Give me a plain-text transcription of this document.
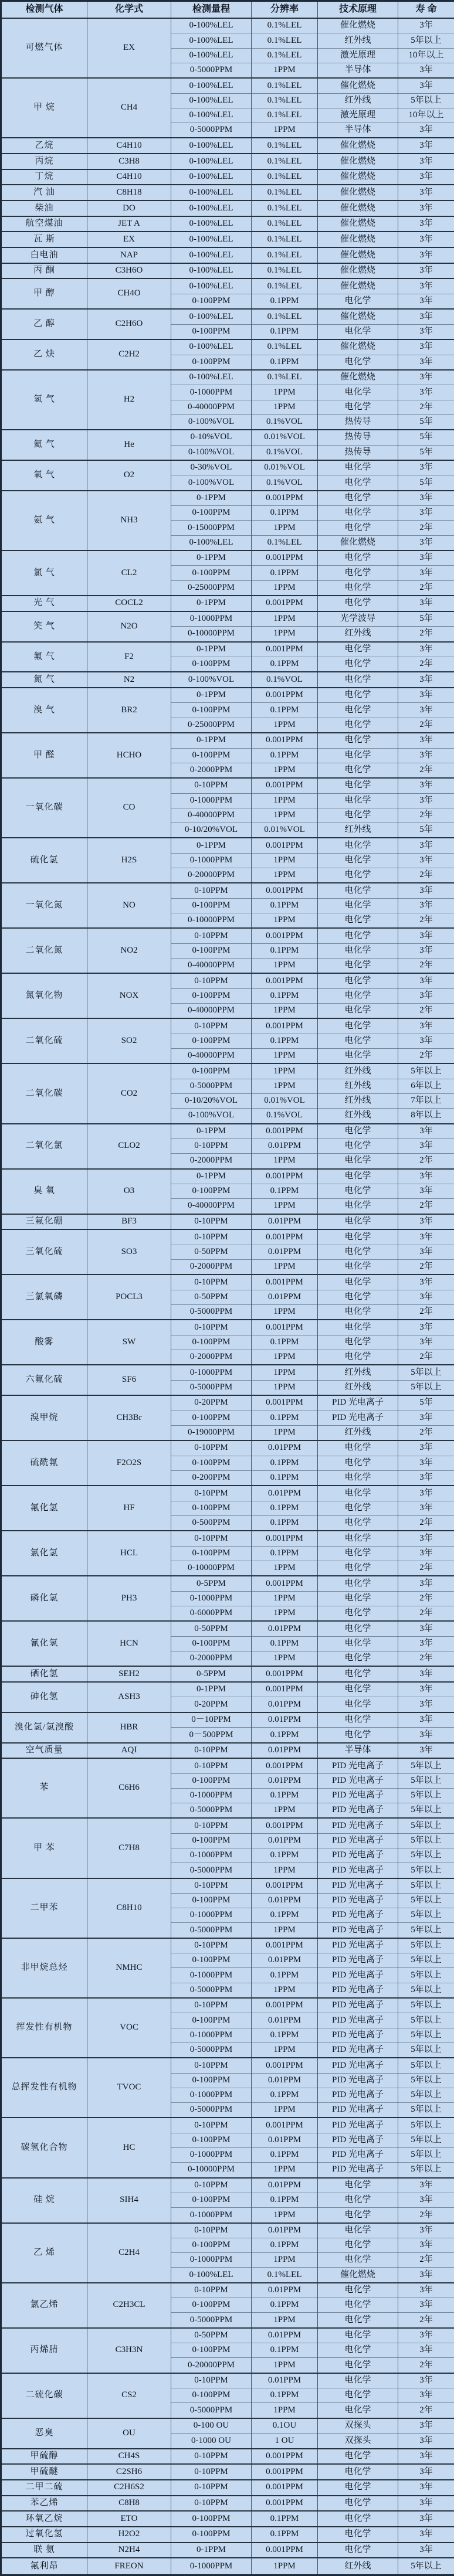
检测气体	化学式	检测量程	分辨率	技术原理	寿 命
可燃气体	EX	0-100%LEL	0.1%LEL	催化燃烧	3年
		0-100%LEL	0.1%LEL	红外线	5年以上
		0-100%LEL	0.1%LEL	激光原理	10年以上
		0-5000PPM	1PPM	半导体	3年
甲 烷	CH4	0-100%LEL	0.1%LEL	催化燃烧	3年
		0-100%LEL	0.1%LEL	红外线	5年以上
		0-100%LEL	0.1%LEL	激光原理	10年以上
		0-5000PPM	1PPM	半导体	3年
乙烷	C4H10	0-100%LEL	0.1%LEL	催化燃烧	3年
丙烷	C3H8	0-100%LEL	0.1%LEL	催化燃烧	3年
丁烷	C4H10	0-100%LEL	0.1%LEL	催化燃烧	3年
汽 油	C8H18	0-100%LEL	0.1%LEL	催化燃烧	3年
柴油	DO	0-100%LEL	0.1%LEL	催化燃烧	3年
航空煤油	JET A	0-100%LEL	0.1%LEL	催化燃烧	3年
瓦 斯	EX	0-100%LEL	0.1%LEL	催化燃烧	3年
白电油	NAP	0-100%LEL	0.1%LEL	催化燃烧	3年
丙 酮	C3H6O	0-100%LEL	0.1%LEL	催化燃烧	3年
甲 醇	CH4O	0-100%LEL	0.1%LEL	催化燃烧	3年
		0-100PPM	0.1PPM	电化学	3年
乙 醇	C2H6O	0-100%LEL	0.1%LEL	催化燃烧	3年
		0-100PPM	0.1PPM	电化学	3年
乙 炔	C2H2	0-100%LEL	0.1%LEL	催化燃烧	3年
		0-100PPM	0.1PPM	电化学	3年
氢 气	H2	0-100%LEL	0.1%LEL	催化燃烧	3年
		0-1000PPM	1PPM	电化学	3年
		0-40000PPM	1PPM	电化学	2年
		0-100%VOL	0.1%VOL	热传导	5年
氦 气	He	0-10%VOL	0.01%VOL	热传导	5年
		0-100%VOL	0.1%VOL	热传导	5年
氧 气	O2	0-30%VOL	0.01%VOL	电化学	3年
		0-100%VOL	0.1%VOL	电化学	5年
氨 气	NH3	0-1PPM	0.001PPM	电化学	3年
		0-100PPM	0.1PPM	电化学	3年
		0-15000PPM	1PPM	电化学	2年
		0-100%LEL	0.1%LEL	催化燃烧	3年
氯 气	CL2	0-1PPM	0.001PPM	电化学	3年
		0-100PPM	0.1PPM	电化学	3年
		0-25000PPM	1PPM	电化学	2年
光 气	COCL2	0-1PPM	0.001PPM	电化学	3年
笑 气	N2O	0-1000PPM	1PPM	光学波导	5年
		0-10000PPM	1PPM	红外线	2年
氟 气	F2	0-1PPM	0.001PPM	电化学	3年
		0-100PPM	0.1PPM	电化学	2年
氮 气	N2	0-100%VOL	0.1%VOL	电化学	3年
溴 气	BR2	0-1PPM	0.001PPM	电化学	3年
		0-100PPM	0.1PPM	电化学	3年
		0-25000PPM	1PPM	电化学	2年
甲 醛	HCHO	0-1PPM	0.001PPM	电化学	3年
		0-100PPM	0.1PPM	电化学	3年
		0-2000PPM	1PPM	电化学	2年
一氧化碳	CO	0-10PPM	0.001PPM	电化学	3年
		0-1000PPM	1PPM	电化学	3年
		0-40000PPM	1PPM	电化学	2年
		0-10/20%VOL	0.01%VOL	红外线	5年
硫化氢	H2S	0-1PPM	0.001PPM	电化学	3年
		0-1000PPM	1PPM	电化学	3年
		0-20000PPM	1PPM	电化学	2年
一氧化氮	NO	0-10PPM	0.001PPM	电化学	3年
		0-100PPM	0.1PPM	电化学	3年
		0-10000PPM	1PPM	电化学	2年
二氧化氮	NO2	0-10PPM	0.001PPM	电化学	3年
		0-100PPM	0.1PPM	电化学	3年
		0-40000PPM	1PPM	电化学	2年
氮氧化物	NOX	0-10PPM	0.001PPM	电化学	3年
		0-100PPM	0.1PPM	电化学	3年
		0-40000PPM	1PPM	电化学	2年
二氧化硫	SO2	0-10PPM	0.001PPM	电化学	3年
		0-100PPM	0.1PPM	电化学	3年
		0-40000PPM	1PPM	电化学	2年
二氧化碳	CO2	0-100PPM	1PPM	红外线	5年以上
		0-5000PPM	1PPM	红外线	6年以上
		0-10/20%VOL	0.01%VOL	红外线	7年以上
		0-100%VOL	0.1%VOL	红外线	8年以上
二氧化氯	CLO2	0-1PPM	0.001PPM	电化学	3年
		0-10PPM	0.01PPM	电化学	3年
		0-2000PPM	1PPM	电化学	2年
臭 氧	O3	0-1PPM	0.001PPM	电化学	3年
		0-100PPM	0.1PPM	电化学	3年
		0-40000PPM	1PPM	电化学	2年
三氟化硼	BF3	0-10PPM	0.01PPM	电化学	3年
三氧化硫	SO3	0-10PPM	0.001PPM	电化学	3年
		0-50PPM	0.01PPM	电化学	3年
		0-2000PPM	1PPM	电化学	2年
三氯氧磷	POCL3	0-10PPM	0.001PPM	电化学	3年
		0-50PPM	0.01PPM	电化学	3年
		0-5000PPM	1PPM	电化学	2年
酸雾	SW	0-10PPM	0.001PPM	电化学	3年
		0-100PPM	0.1PPM	电化学	3年
		0-2000PPM	1PPM	电化学	2年
六氟化硫	SF6	0-1000PPM	1PPM	红外线	5年以上
		0-5000PPM	1PPM	红外线	5年以上
溴甲烷	CH3Br	0-20PPM	0.001PPM	PID 光电离子	5年
		0-100PPM	0.1PPM	PID 光电离子	3年
		0-19000PPM	1PPM	红外线	2年
硫酰氟	F2O2S	0-10PPM	0.01PPM	电化学	3年
		0-100PPM	0.1PPM	电化学	3年
		0-200PPM	0.1PPM	电化学	3年
氟化氢	HF	0-10PPM	0.01PPM	电化学	3年
		0-100PPM	0.1PPM	电化学	3年
		0-500PPM	0.1PPM	电化学	2年
氯化氢	HCL	0-10PPM	0.001PPM	电化学	3年
		0-100PPM	0.1PPM	电化学	3年
		0-10000PPM	1PPM	电化学	2年
磷化氢	PH3	0-5PPM	0.001PPM	电化学	3年
		0-1000PPM	1PPM	电化学	2年
		0-6000PPM	1PPM	电化学	2年
氰化氢	HCN	0-50PPM	0.01PPM	电化学	3年
		0-100PPM	0.1PPM	电化学	3年
		0-2000PPM	1PPM	电化学	2年
硒化氢	SEH2	0-5PPM	0.001PPM	电化学	3年
砷化氢	ASH3	0-1PPM	0.001PPM	电化学	3年
		0-20PPM	0.01PPM	电化学	3年
溴化氢/氢溴酸	HBR	0－10PPM	0.01PPM	电化学	3年
		0－500PPM	0.1PPM	电化学	3年
空气质量	AQI	0-10PPM	0.01PPM	半导体	3年
苯	C6H6	0-10PPM	0.001PPM	PID 光电离子	5年以上
		0-100PPM	0.01PPM	PID 光电离子	5年以上
		0-1000PPM	0.1PPM	PID 光电离子	5年以上
		0-5000PPM	1PPM	PID 光电离子	5年以上
甲 苯	C7H8	0-10PPM	0.001PPM	PID 光电离子	5年以上
		0-100PPM	0.01PPM	PID 光电离子	5年以上
		0-1000PPM	0.1PPM	PID 光电离子	5年以上
		0-5000PPM	1PPM	PID 光电离子	5年以上
二甲苯	C8H10	0-10PPM	0.001PPM	PID 光电离子	5年以上
		0-100PPM	0.01PPM	PID 光电离子	5年以上
		0-1000PPM	0.1PPM	PID 光电离子	5年以上
		0-5000PPM	1PPM	PID 光电离子	5年以上
非甲烷总烃	NMHC	0-10PPM	0.001PPM	PID 光电离子	5年以上
		0-100PPM	0.01PPM	PID 光电离子	5年以上
		0-1000PPM	0.1PPM	PID 光电离子	5年以上
		0-5000PPM	1PPM	PID 光电离子	5年以上
挥发性有机物	VOC	0-10PPM	0.001PPM	PID 光电离子	5年以上
		0-100PPM	0.01PPM	PID 光电离子	5年以上
		0-1000PPM	0.1PPM	PID 光电离子	5年以上
		0-5000PPM	1PPM	PID 光电离子	5年以上
总挥发性有机物	TVOC	0-10PPM	0.001PPM	PID 光电离子	5年以上
		0-100PPM	0.01PPM	PID 光电离子	5年以上
		0-1000PPM	0.1PPM	PID 光电离子	5年以上
		0-5000PPM	1PPM	PID 光电离子	5年以上
碳氢化合物	HC	0-10PPM	0.001PPM	PID 光电离子	5年以上
		0-100PPM	0.01PPM	PID 光电离子	5年以上
		0-1000PPM	0.1PPM	PID 光电离子	5年以上
		0-10000PPM	1PPM	PID 光电离子	5年以上
硅 烷	SIH4	0-10PPM	0.01PPM	电化学	3年
		0-100PPM	0.1PPM	电化学	3年
		0-1000PPM	1PPM	电化学	2年
乙 烯	C2H4	0-10PPM	0.01PPM	电化学	3年
		0-100PPM	0.1PPM	电化学	3年
		0-1000PPM	1PPM	电化学	2年
		0-100%LEL	0.1%LEL	催化燃烧	3年
氯乙烯	C2H3CL	0-10PPM	0.01PPM	电化学	3年
		0-100PPM	0.1PPM	电化学	3年
		0-5000PPM	1PPM	电化学	2年
丙烯腈	C3H3N	0-50PPM	0.01PPM	电化学	3年
		0-100PPM	0.1PPM	电化学	3年
		0-20000PPM	1PPM	电化学	2年
二硫化碳	CS2	0-10PPM	0.01PPM	电化学	3年
		0-100PPM	0.1PPM	电化学	3年
		0-5000PPM	1PPM	电化学	2年
恶臭	OU	0-100 OU	0.1OU	双探头	3年
		0-1000 OU	1 OU	双探头	3年
甲硫醇	CH4S	0-10PPM	0.001PPM	电化学	3年
甲硫醚	C2SH6	0-10PPM	0.001PPM	电化学	3年
二甲二硫	C2H6S2	0-10PPM	0.001PPM	电化学	3年
苯乙烯	C8H8	0-10PPM	0.001PPM	电化学	3年
环氧乙烷	ETO	0-100PPM	0.1PPM	电化学	3年
过氧化氢	H2O2	0-100PPM	0.1PPM	电化学	3年
联 氨	N2H4	0-1PPM	0.001PPM	电化学	3年
氟利昂	FREON	0-1000PPM	1PPM	红外线	5年以上
